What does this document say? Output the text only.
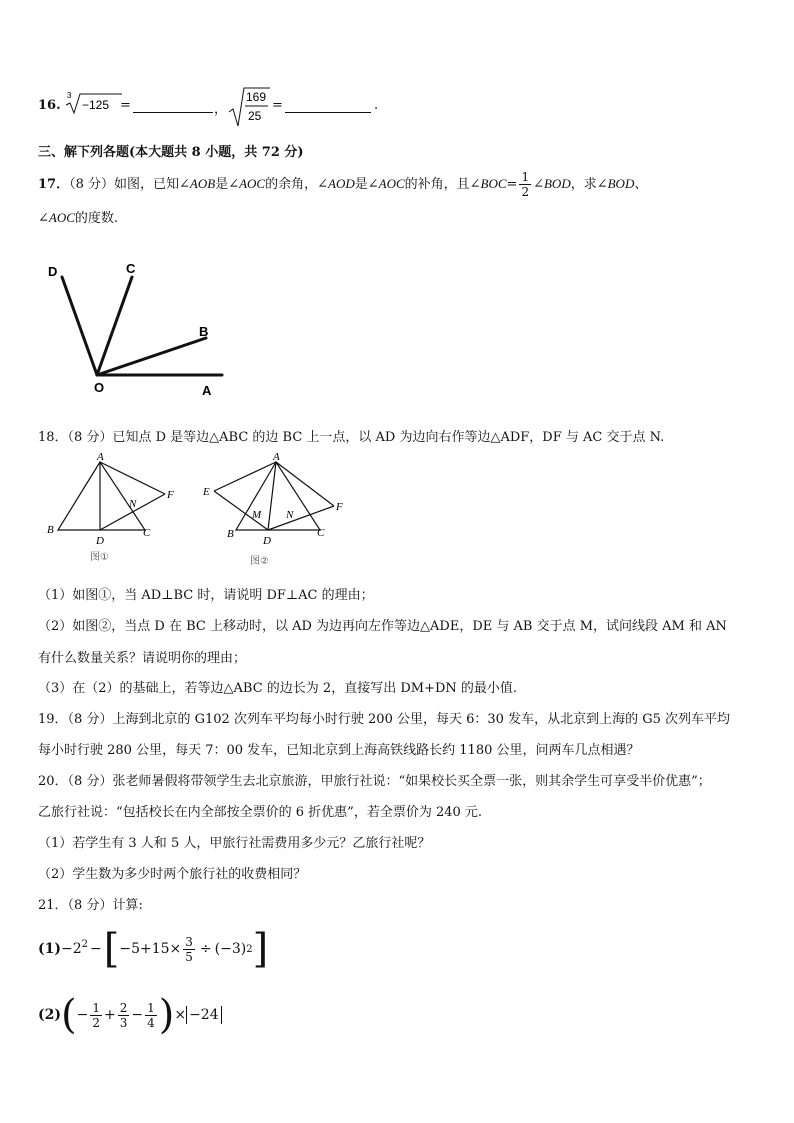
16.
3
−125 =	，
169
25
=	.
三、解下列各题(本大题共 8 小题，共 72 分)
17．（8 分）如图，已知∠AOB是∠AOC的余角，∠AOD是∠AOC的补角，且∠BOC= $\frac{1}{2}$ ∠BOD，求∠BOD、
∠AOC的度数.
D	C
B
O	A
18．（8 分）已知点 D 是等边△ABC 的边 BC 上一点，以 AD 为边向右作等边△ADF，DF 与 AC 交于点 N.
A
B	C
D
F
N
图①
A
B	C
D
E
F
M N
图②
（1）如图①，当 AD⊥BC 时，请说明 DF⊥AC 的理由；
（2）如图②，当点 D 在 BC 上移动时，以 AD 为边再向左作等边△ADE，DE 与 AB 交于点 M，试问线段 AM 和 AN
有什么数量关系？请说明你的理由；
（3）在（2）的基础上，若等边△ABC 的边长为 2，直接写出 DM+DN 的最小值.
19．（8 分）上海到北京的 G102 次列车平均每小时行驶 200 公里，每天 6：30 发车，从北京到上海的 G5 次列车平均
每小时行驶 280 公里，每天 7：00 发车，已知北京到上海高铁线路长约 1180 公里，问两车几点相遇？
20．（8 分）张老师暑假将带领学生去北京旅游，甲旅行社说：“如果校长买全票一张，则其余学生可享受半价优惠”；
乙旅行社说：“包括校长在内全部按全票价的 6 折优惠”，若全票价为 240 元.
（1）若学生有 3 人和 5 人，甲旅行社需费用多少元？乙旅行社呢？
（2）学生数为多少时两个旅行社的收费相同？
21．（8 分）计算:
$(1) -2^2$ − [ $-5+15\times \frac{3}{5} \div (-3)$ 2 ]
(2) ( − $\frac{1}{2} + \frac{2}{3} - \frac{1}{4}$ ) × −24
